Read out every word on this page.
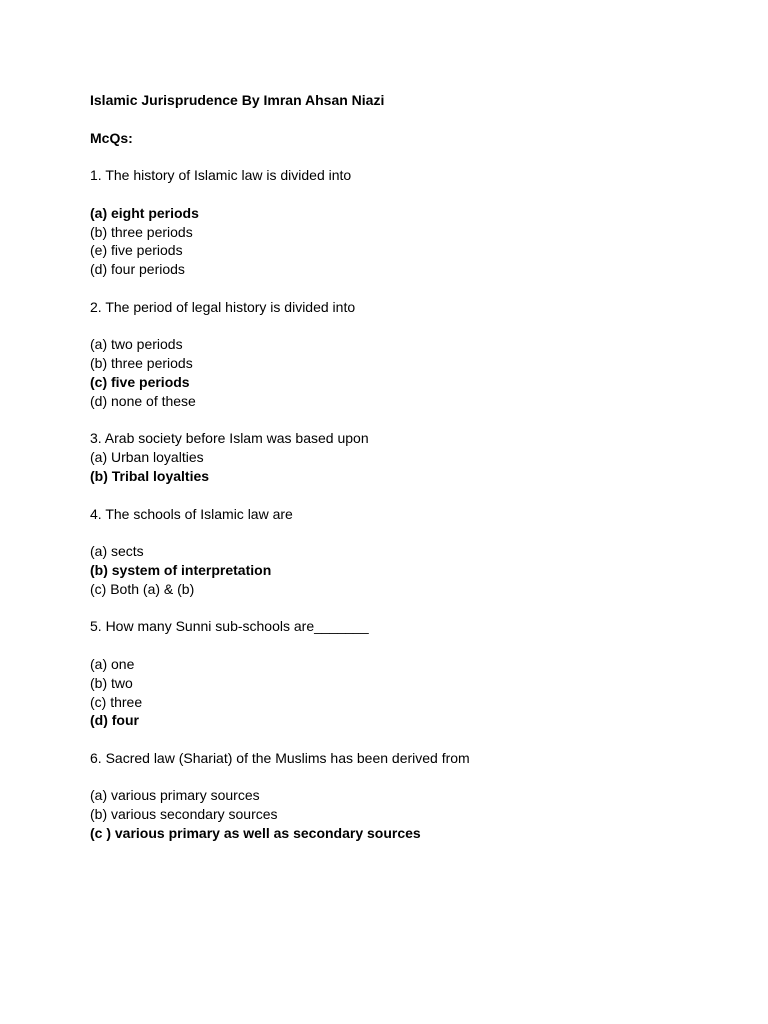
Islamic Jurisprudence By Imran Ahsan Niazi
McQs:
1. The history of Islamic law is divided into
(a) eight periods
(b) three periods
(e) five periods
(d) four periods
2. The period of legal history is divided into
(a) two periods
(b) three periods
(c) five periods
(d) none of these
3. Arab society before Islam was based upon
(a) Urban loyalties
(b) Tribal loyalties
4. The schools of Islamic law are
(a) sects
(b) system of interpretation
(c) Both (a) & (b)
5. How many Sunni sub-schools are_______
(a) one
(b) two
(c) three
(d) four
6. Sacred law (Shariat) of the Muslims has been derived from
(a) various primary sources
(b) various secondary sources
(c ) various primary as well as secondary sources
